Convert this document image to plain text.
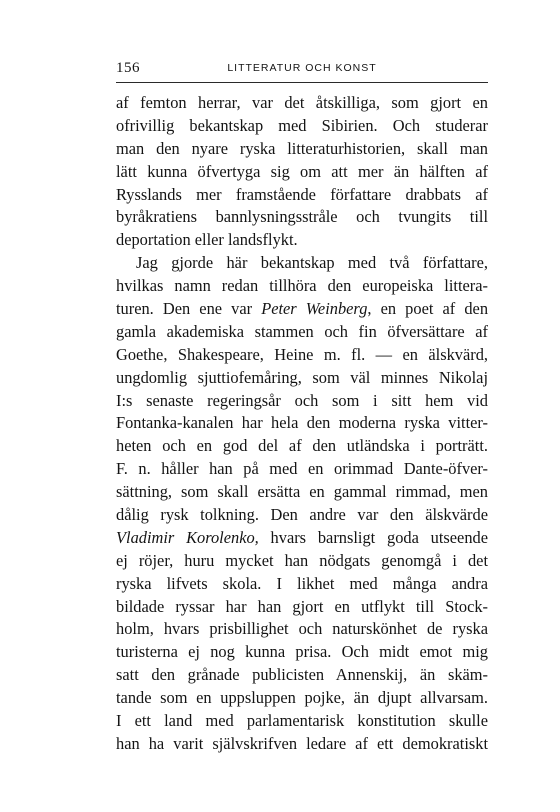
156	LITTERATUR OCH KONST
af femton herrar, var det åtskilliga, som gjort en
ofrivillig bekantskap med Sibirien. Och studerar
man den nyare ryska litteraturhistorien, skall man
lätt kunna öfvertyga sig om att mer än hälften af
Rysslands mer framstående författare drabbats af
byråkratiens bannlysningsstråle och tvungits till
deportation eller landsflykt.
Jag gjorde här bekantskap med två författare,
hvilkas namn redan tillhöra den europeiska littera-
turen. Den ene var Peter Weinberg, en poet af den
gamla akademiska stammen och fin öfversättare af
Goethe, Shakespeare, Heine m. fl. — en älskvärd,
ungdomlig sjuttiofemåring, som väl minnes Nikolaj
I:s senaste regeringsår och som i sitt hem vid
Fontanka-kanalen har hela den moderna ryska vitter-
heten och en god del af den utländska i porträtt.
F. n. håller han på med en orimmad Dante-öfver-
sättning, som skall ersätta en gammal rimmad, men
dålig rysk tolkning. Den andre var den älskvärde
Vladimir Korolenko, hvars barnsligt goda utseende
ej röjer, huru mycket han nödgats genomgå i det
ryska lifvets skola. I likhet med många andra
bildade ryssar har han gjort en utflykt till Stock-
holm, hvars prisbillighet och naturskönhet de ryska
turisterna ej nog kunna prisa. Och midt emot mig
satt den grånade publicisten Annenskij, än skäm-
tande som en uppsluppen pojke, än djupt allvarsam.
I ett land med parlamentarisk konstitution skulle
han ha varit självskrifven ledare af ett demokratiskt
